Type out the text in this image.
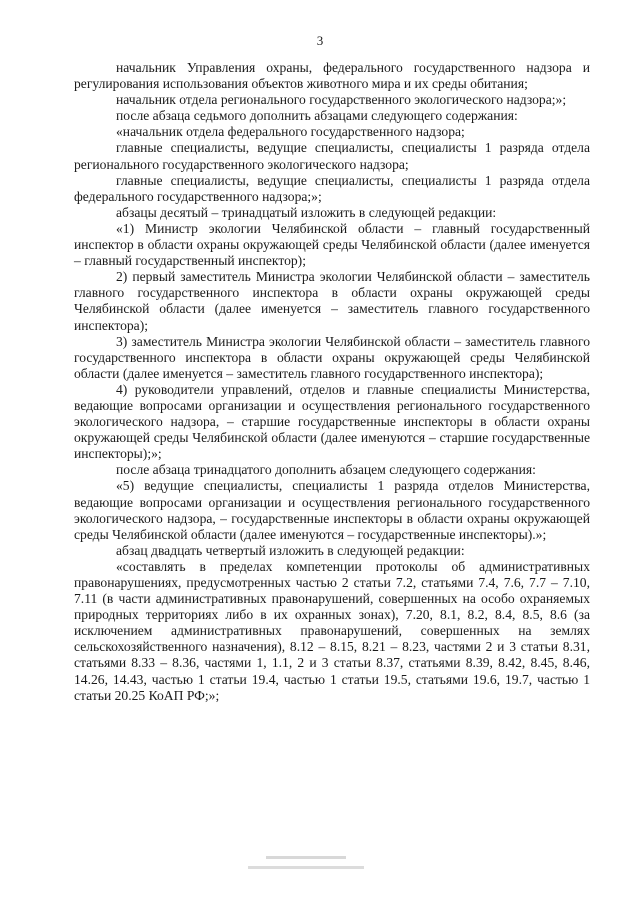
3

начальник Управления охраны, федерального государственного надзора и регулирования использования объектов животного мира и их среды обитания;

начальник отдела регионального государственного экологического надзора;»;

после абзаца седьмого дополнить абзацами следующего содержания:

«начальник отдела федерального государственного надзора;

главные специалисты, ведущие специалисты, специалисты 1 разряда отдела регионального государственного экологического надзора;

главные специалисты, ведущие специалисты, специалисты 1 разряда отдела федерального государственного надзора;»;

абзацы десятый – тринадцатый изложить в следующей редакции:

«1) Министр экологии Челябинской области – главный государственный инспектор в области охраны окружающей среды Челябинской области (далее именуется – главный государственный инспектор);

2) первый заместитель Министра экологии Челябинской области – заместитель главного государственного инспектора в области охраны окружающей среды Челябинской области (далее именуется – заместитель главного государственного инспектора);

3) заместитель Министра экологии Челябинской области – заместитель главного государственного инспектора в области охраны окружающей среды Челябинской области (далее именуется – заместитель главного государственного инспектора);

4) руководители управлений, отделов и главные специалисты Министерства, ведающие вопросами организации и осуществления регионального государственного экологического надзора, – старшие государственные инспекторы в области охраны окружающей среды Челябинской области (далее именуются – старшие государственные инспекторы);»;

после абзаца тринадцатого дополнить абзацем следующего содержания:

«5) ведущие специалисты, специалисты 1 разряда отделов Министерства, ведающие вопросами организации и осуществления регионального государственного экологического надзора, – государственные инспекторы в области охраны окружающей среды Челябинской области (далее именуются – государственные инспекторы).»;

абзац двадцать четвертый изложить в следующей редакции:

«составлять в пределах компетенции протоколы об административных правонарушениях, предусмотренных частью 2 статьи 7.2, статьями 7.4, 7.6, 7.7 – 7.10, 7.11 (в части административных правонарушений, совершенных на особо охраняемых природных территориях либо в их охранных зонах), 7.20, 8.1, 8.2, 8.4, 8.5, 8.6 (за исключением административных правонарушений, совершенных на землях сельскохозяйственного назначения), 8.12 – 8.15, 8.21 – 8.23, частями 2 и 3 статьи 8.31, статьями 8.33 – 8.36, частями 1, 1.1, 2 и 3 статьи 8.37, статьями 8.39, 8.42, 8.45, 8.46, 14.26, 14.43, частью 1 статьи 19.4, частью 1 статьи 19.5, статьями 19.6, 19.7, частью 1 статьи 20.25 КоАП РФ;»;
